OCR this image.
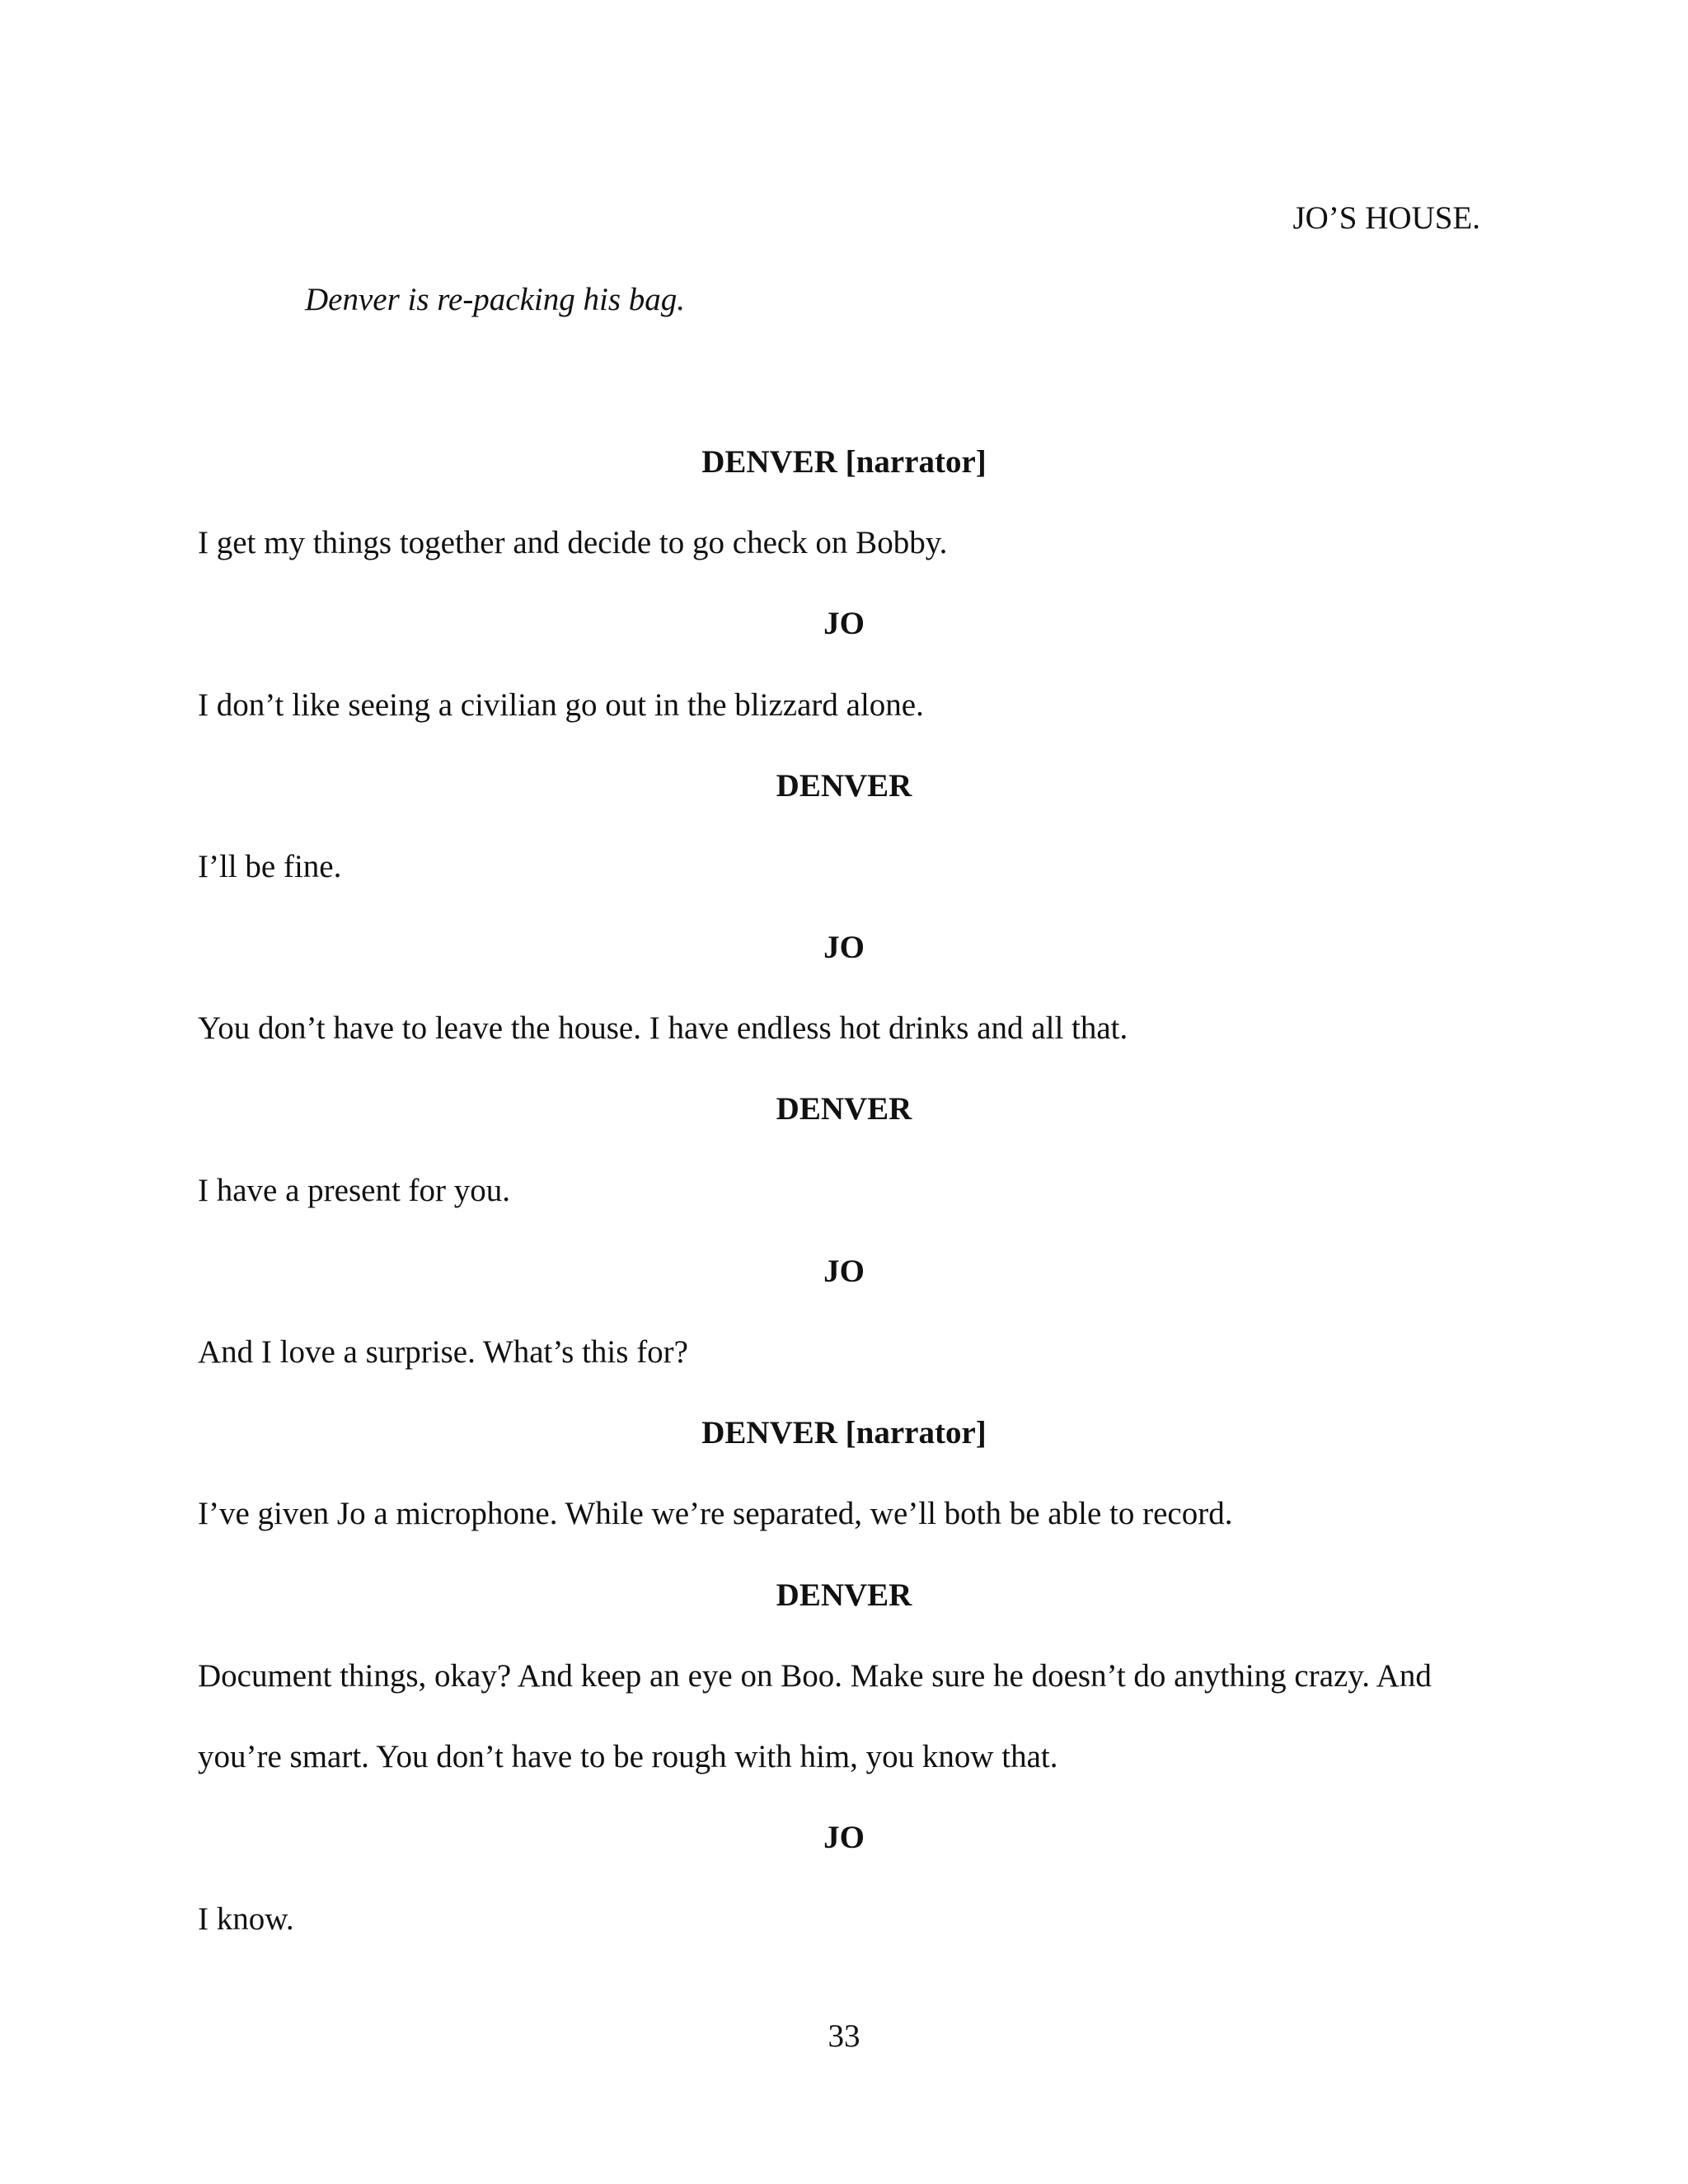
JO’S HOUSE.
Denver is re-packing his bag.
DENVER [narrator]
I get my things together and decide to go check on Bobby.
JO
I don’t like seeing a civilian go out in the blizzard alone.
DENVER
I’ll be fine.
JO
You don’t have to leave the house. I have endless hot drinks and all that.
DENVER
I have a present for you.
JO
And I love a surprise. What’s this for?
DENVER [narrator]
I’ve given Jo a microphone. While we’re separated, we’ll both be able to record.
DENVER
Document things, okay? And keep an eye on Boo. Make sure he doesn’t do anything crazy. And
you’re smart. You don’t have to be rough with him, you know that.
JO
I know.
33
